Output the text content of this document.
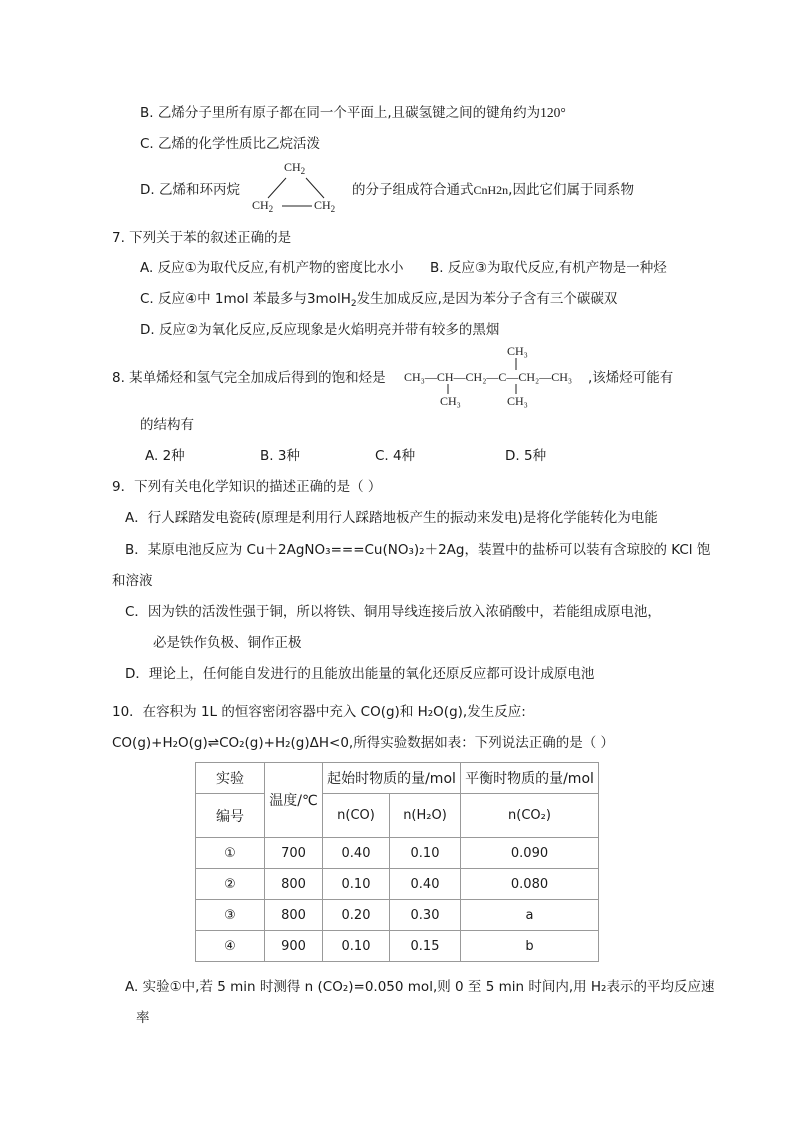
B. 乙烯分子里所有原子都在同一个平面上,且碳氢键之间的键角约为120°
C. 乙烯的化学性质比乙烷活泼
D. 乙烯和环丙烷
$CH_2$
$CH_2$	$CH_2$
的分子组成符合通式CnH2n,因此它们属于同系物
7. 下列关于苯的叙述正确的是
A. 反应①为取代反应,有机产物的密度比水小 B. 反应③为取代反应,有机产物是一种烃
C. 反应④中 1mol 苯最多与3molH$_2$发生加成反应,是因为苯分子含有三个碳碳双
D. 反应②为氧化反应,反应现象是火焰明亮并带有较多的黑烟
8. 某单烯烃和氢气完全加成后得到的饱和烃是 CH₃—CH—CH₂—C—CH₂—CH₃
CH₃
CH₃	CH₃
,该烯烃可能有
的结构有
A. 2种	B. 3种	C. 4种	D. 5种
9．下列有关电化学知识的描述正确的是（ ）
A．行人踩踏发电瓷砖(原理是利用行人踩踏地板产生的振动来发电)是将化学能转化为电能
B．某原电池反应为 Cu＋2AgNO₃===Cu(NO₃)₂＋2Ag，装置中的盐桥可以装有含琼胶的 KCl 饱
和溶液
C．因为铁的活泼性强于铜，所以将铁、铜用导线连接后放入浓硝酸中，若能组成原电池，
必是铁作负极、铜作正极
D．理论上，任何能自发进行的且能放出能量的氧化还原反应都可设计成原电池
10．在容积为 1L 的恒容密闭容器中充入 CO(g)和 H₂O(g),发生反应:
CO(g)+H₂O(g)⇌CO₂(g)+H₂(g)ΔH<0,所得实验数据如表：下列说法正确的是（ ）
实验	温度/℃	起始时物质的量/mol		平衡时物质的量/mol
编号		n(CO)	n(H₂O)	n(CO₂)
①	700	0.40	0.10	0.090
②	800	0.10	0.40	0.080
③	800	0.20	0.30	a
④	900	0.10	0.15	b
A. 实验①中,若 5 min 时测得 n (CO₂)=0.050 mol,则 0 至 5 min 时间内,用 H₂表示的平均反应速
率
